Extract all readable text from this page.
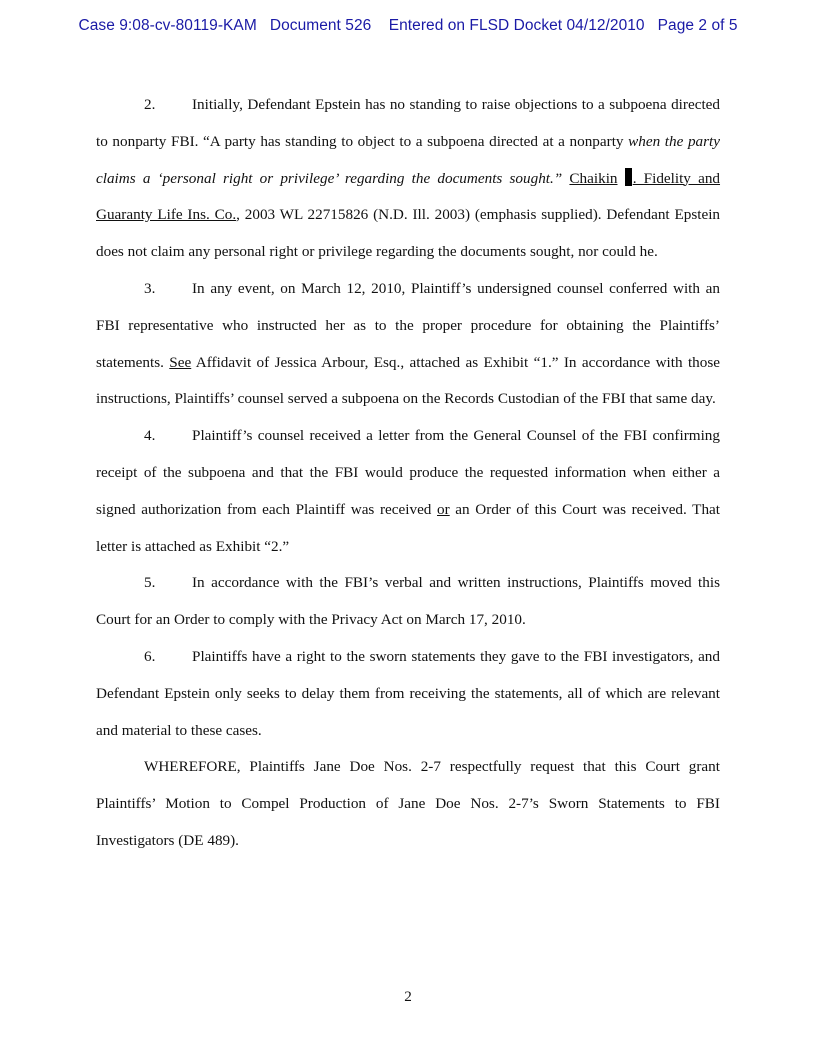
Case 9:08-cv-80119-KAM Document 526 Entered on FLSD Docket 04/12/2010 Page 2 of 5

2. Initially, Defendant Epstein has no standing to raise objections to a subpoena directed to nonparty FBI. “A party has standing to object to a subpoena directed at a nonparty when the party claims a ‘personal right or privilege’ regarding the documents sought.” Chaikin . Fidelity and Guaranty Life Ins. Co., 2003 WL 22715826 (N.D. Ill. 2003) (emphasis supplied). Defendant Epstein does not claim any personal right or privilege regarding the documents sought, nor could he.

3. In any event, on March 12, 2010, Plaintiff’s undersigned counsel conferred with an FBI representative who instructed her as to the proper procedure for obtaining the Plaintiffs’ statements. See Affidavit of Jessica Arbour, Esq., attached as Exhibit “1.” In accordance with those instructions, Plaintiffs’ counsel served a subpoena on the Records Custodian of the FBI that same day.

4. Plaintiff’s counsel received a letter from the General Counsel of the FBI confirming receipt of the subpoena and that the FBI would produce the requested information when either a signed authorization from each Plaintiff was received or an Order of this Court was received. That letter is attached as Exhibit “2.”

5. In accordance with the FBI’s verbal and written instructions, Plaintiffs moved this Court for an Order to comply with the Privacy Act on March 17, 2010.

6. Plaintiffs have a right to the sworn statements they gave to the FBI investigators, and Defendant Epstein only seeks to delay them from receiving the statements, all of which are relevant and material to these cases.

WHEREFORE, Plaintiffs Jane Doe Nos. 2-7 respectfully request that this Court grant Plaintiffs’ Motion to Compel Production of Jane Doe Nos. 2-7’s Sworn Statements to FBI Investigators (DE 489).

2
